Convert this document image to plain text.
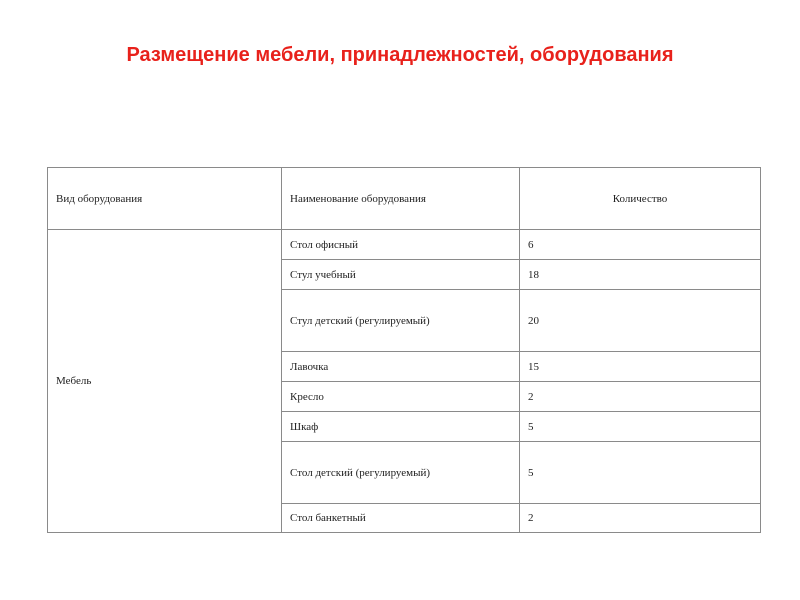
Размещение мебели, принадлежностей, оборудования
Вид оборудования	Наименование оборудования	Количество
Мебель	Стол офисный	6
	Стул учебный	18
	Стул детский (регулируемый)	20
	Лавочка	15
	Кресло	2
	Шкаф	5
	Стол детский (регулируемый)	5
	Стол банкетный	2
